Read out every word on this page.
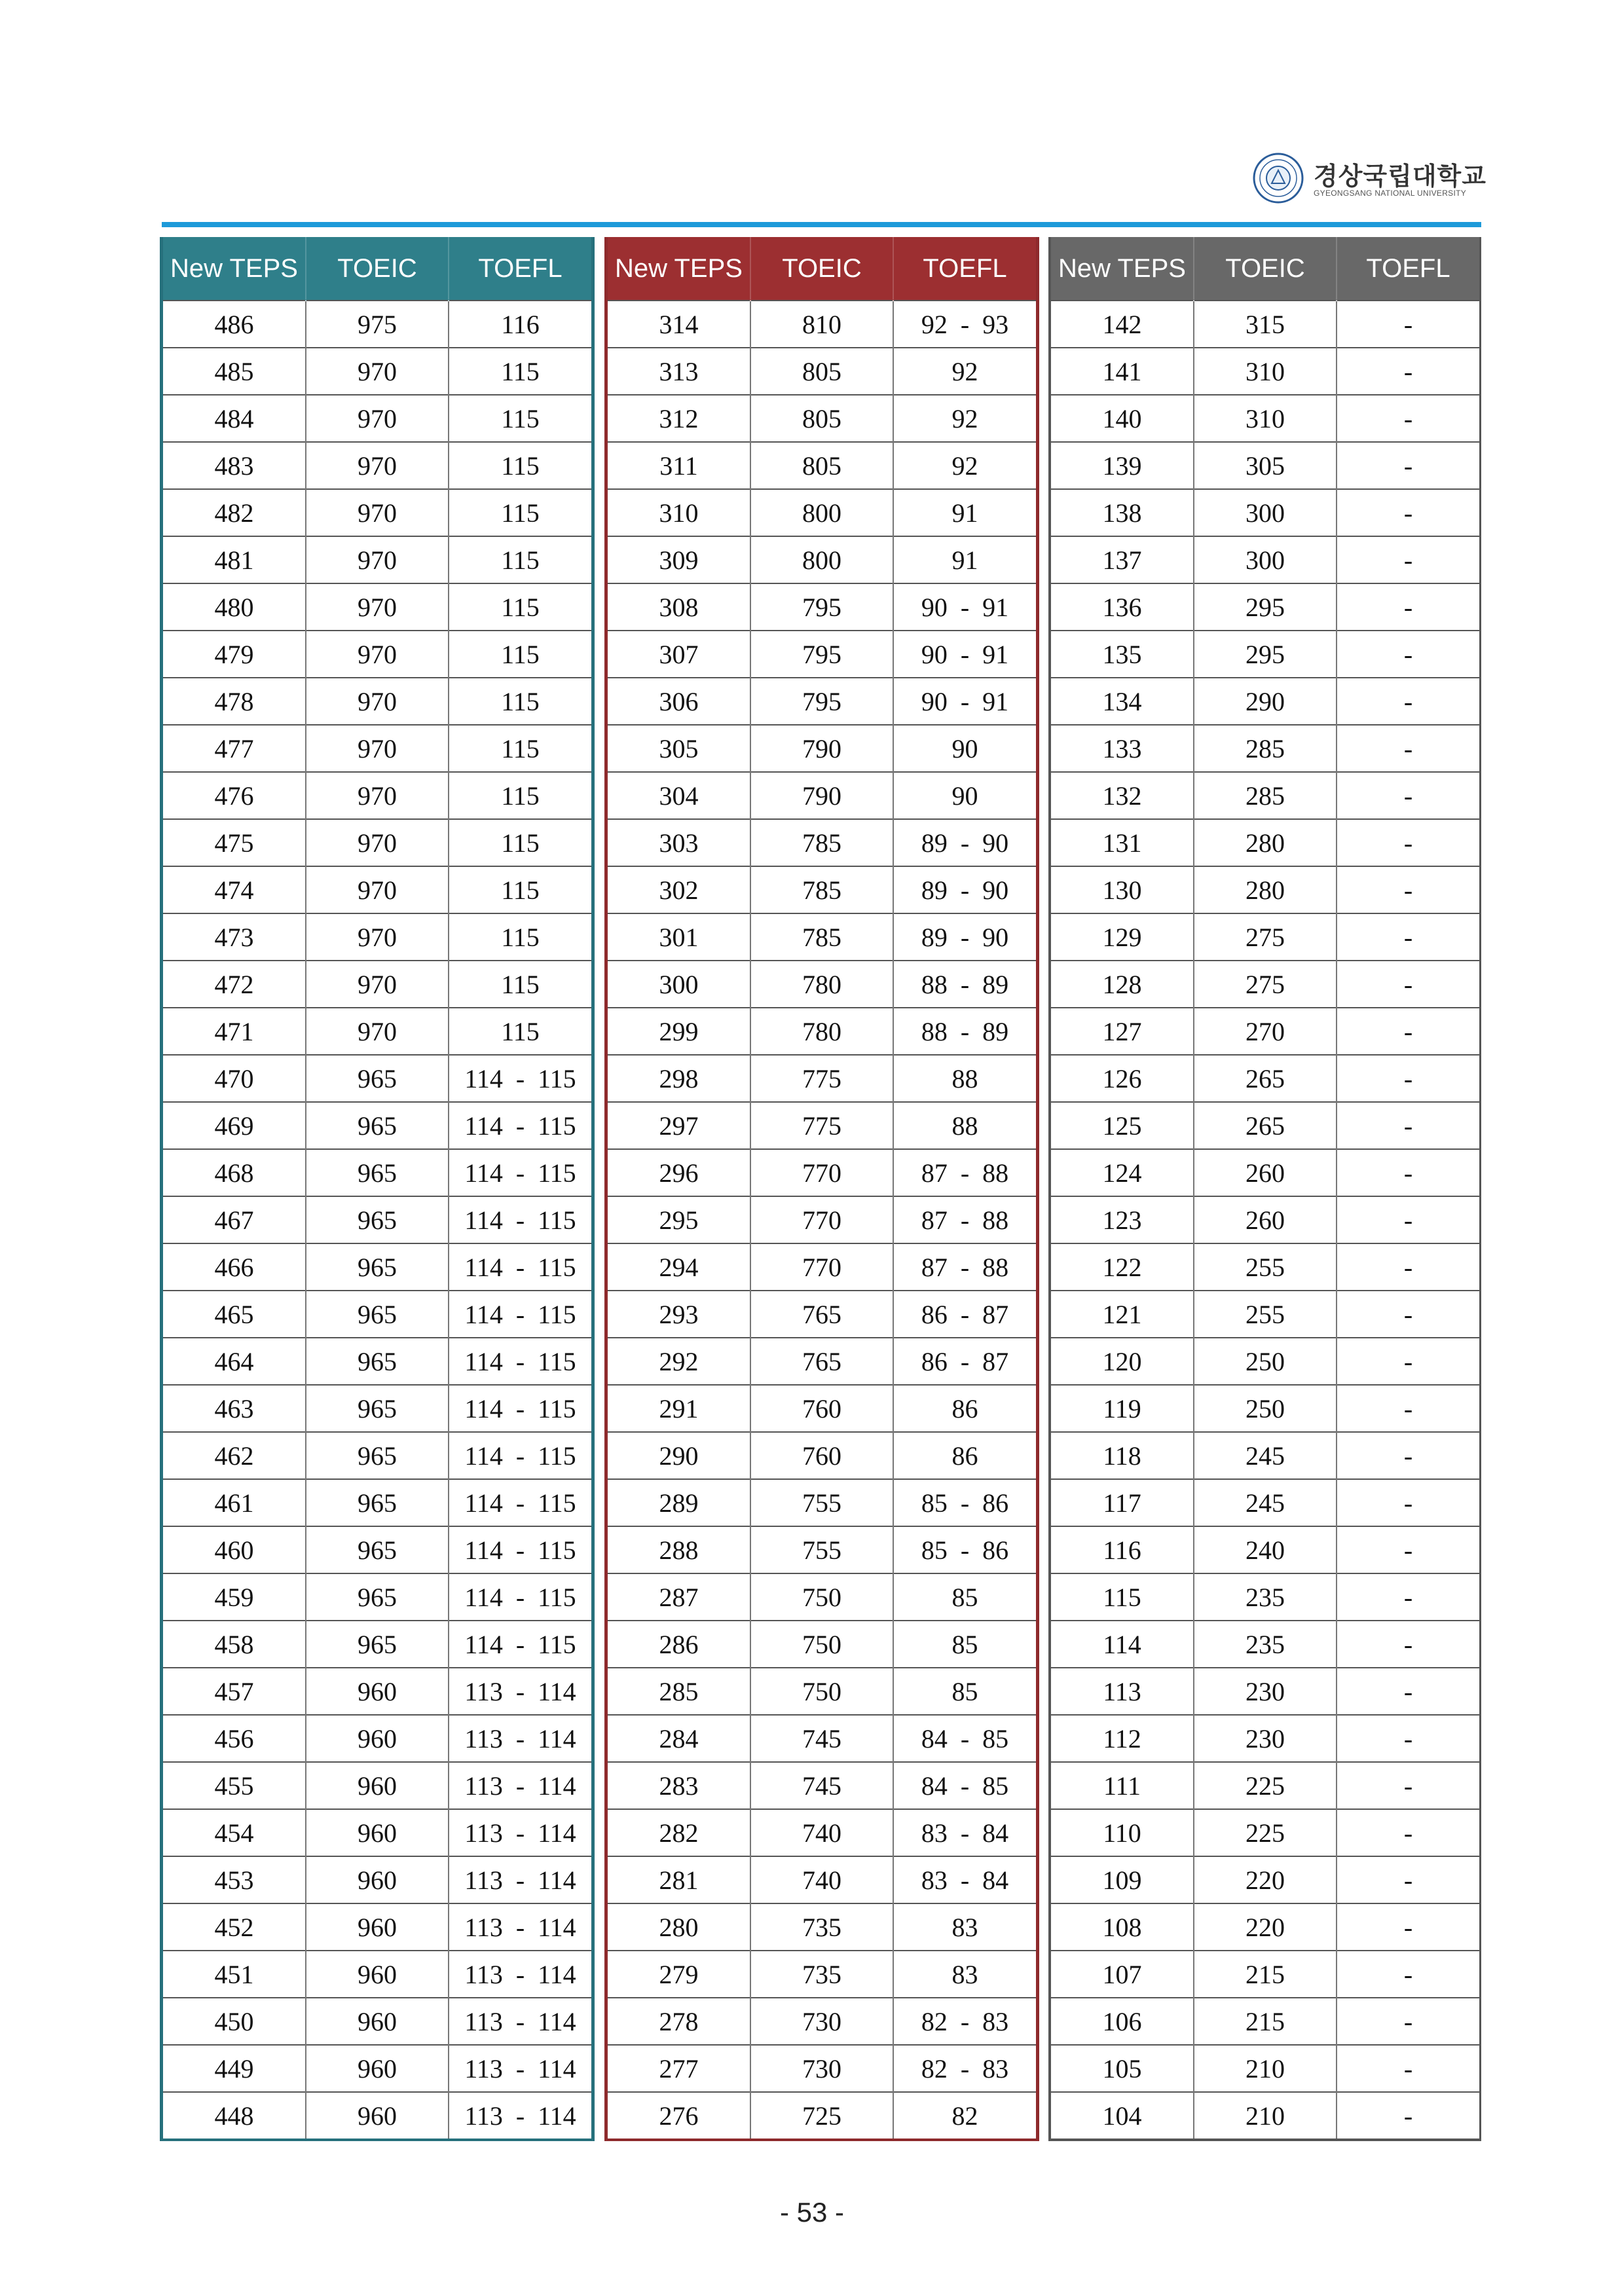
경상국립대학교
GYEONGSANG NATIONAL UNIVERSITY
New TEPS	TOEIC	TOEFL
486	975	116
485	970	115
484	970	115
483	970	115
482	970	115
481	970	115
480	970	115
479	970	115
478	970	115
477	970	115
476	970	115
475	970	115
474	970	115
473	970	115
472	970	115
471	970	115
470	965	114  -  115
469	965	114  -  115
468	965	114  -  115
467	965	114  -  115
466	965	114  -  115
465	965	114  -  115
464	965	114  -  115
463	965	114  -  115
462	965	114  -  115
461	965	114  -  115
460	965	114  -  115
459	965	114  -  115
458	965	114  -  115
457	960	113  -  114
456	960	113  -  114
455	960	113  -  114
454	960	113  -  114
453	960	113  -  114
452	960	113  -  114
451	960	113  -  114
450	960	113  -  114
449	960	113  -  114
448	960	113  -  114
New TEPS	TOEIC	TOEFL
314	810	92  -  93
313	805	92
312	805	92
311	805	92
310	800	91
309	800	91
308	795	90  -  91
307	795	90  -  91
306	795	90  -  91
305	790	90
304	790	90
303	785	89  -  90
302	785	89  -  90
301	785	89  -  90
300	780	88  -  89
299	780	88  -  89
298	775	88
297	775	88
296	770	87  -  88
295	770	87  -  88
294	770	87  -  88
293	765	86  -  87
292	765	86  -  87
291	760	86
290	760	86
289	755	85  -  86
288	755	85  -  86
287	750	85
286	750	85
285	750	85
284	745	84  -  85
283	745	84  -  85
282	740	83  -  84
281	740	83  -  84
280	735	83
279	735	83
278	730	82  -  83
277	730	82  -  83
276	725	82
New TEPS	TOEIC	TOEFL
142	315	-
141	310	-
140	310	-
139	305	-
138	300	-
137	300	-
136	295	-
135	295	-
134	290	-
133	285	-
132	285	-
131	280	-
130	280	-
129	275	-
128	275	-
127	270	-
126	265	-
125	265	-
124	260	-
123	260	-
122	255	-
121	255	-
120	250	-
119	250	-
118	245	-
117	245	-
116	240	-
115	235	-
114	235	-
113	230	-
112	230	-
111	225	-
110	225	-
109	220	-
108	220	-
107	215	-
106	215	-
105	210	-
104	210	-
- 53 -
